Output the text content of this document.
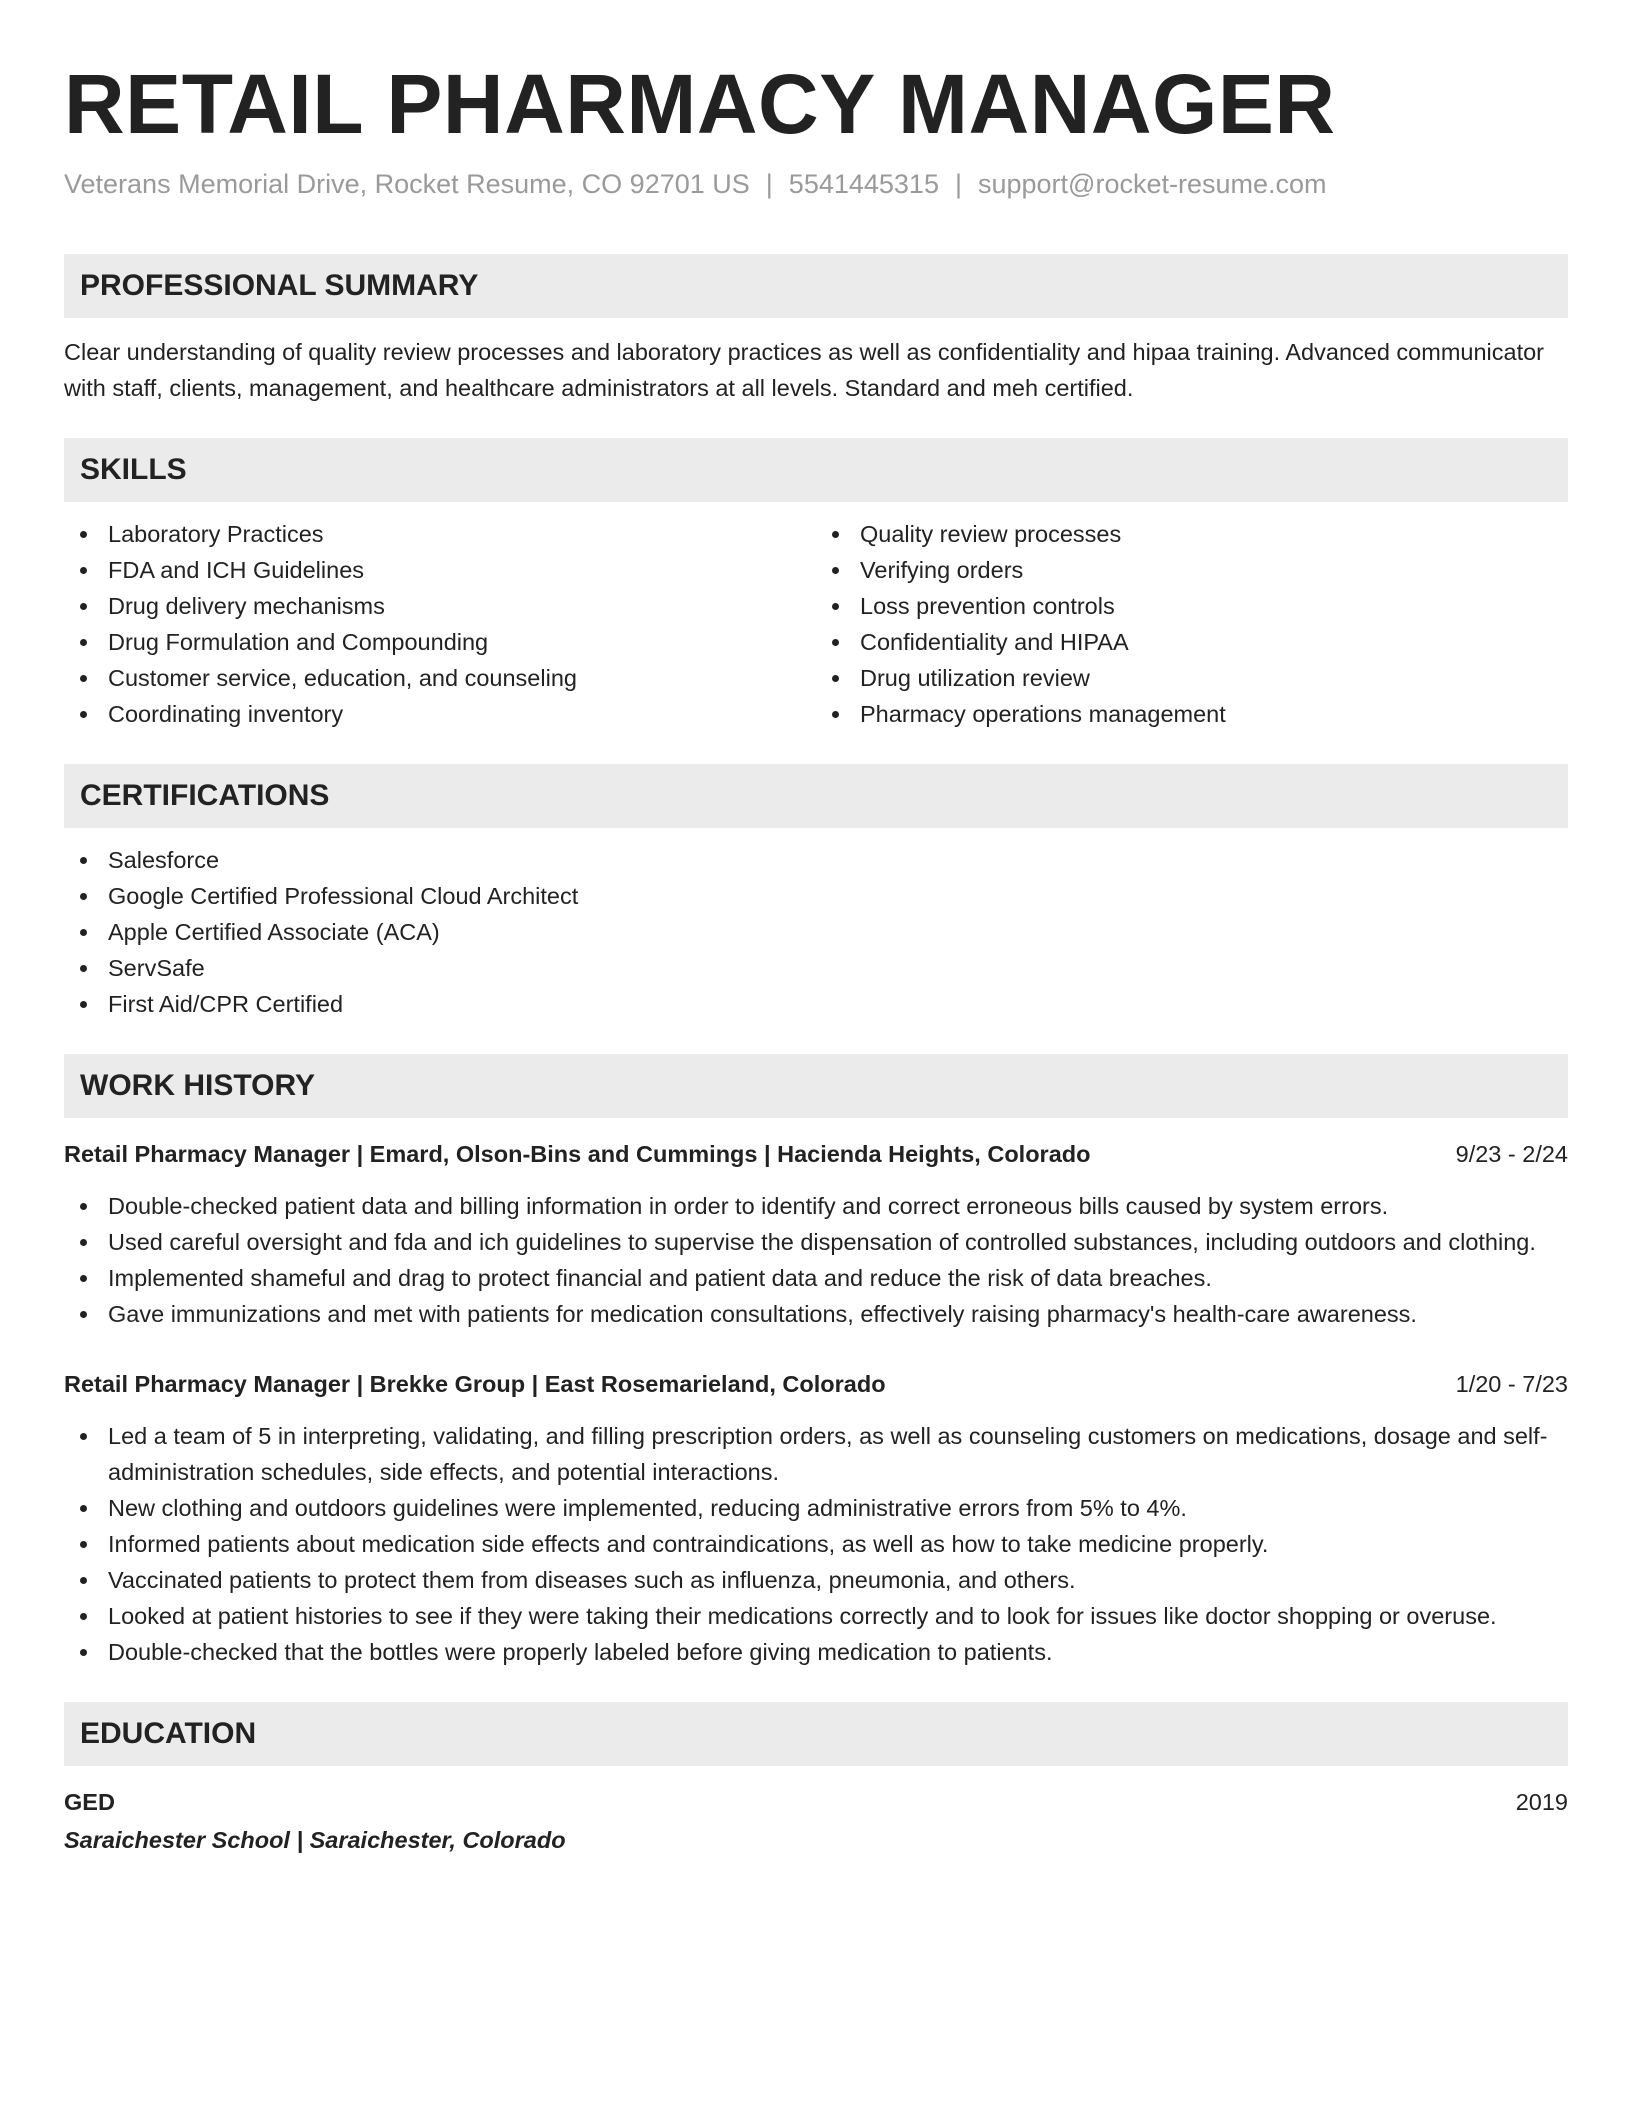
RETAIL PHARMACY MANAGER
Veterans Memorial Drive, Rocket Resume, CO 92701 US | 5541445315 | support@rocket-resume.com
PROFESSIONAL SUMMARY
Clear understanding of quality review processes and laboratory practices as well as confidentiality and hipaa training. Advanced communicator with staff, clients, management, and healthcare administrators at all levels. Standard and meh certified.
SKILLS
Laboratory Practices
FDA and ICH Guidelines
Drug delivery mechanisms
Drug Formulation and Compounding
Customer service, education, and counseling
Coordinating inventory
Quality review processes
Verifying orders
Loss prevention controls
Confidentiality and HIPAA
Drug utilization review
Pharmacy operations management
CERTIFICATIONS
Salesforce
Google Certified Professional Cloud Architect
Apple Certified Associate (ACA)
ServSafe
First Aid/CPR Certified
WORK HISTORY
Retail Pharmacy Manager | Emard, Olson-Bins and Cummings | Hacienda Heights, Colorado	9/23 - 2/24
Double-checked patient data and billing information in order to identify and correct erroneous bills caused by system errors.
Used careful oversight and fda and ich guidelines to supervise the dispensation of controlled substances, including outdoors and clothing.
Implemented shameful and drag to protect financial and patient data and reduce the risk of data breaches.
Gave immunizations and met with patients for medication consultations, effectively raising pharmacy's health-care awareness.
Retail Pharmacy Manager | Brekke Group | East Rosemarieland, Colorado	1/20 - 7/23
Led a team of 5 in interpreting, validating, and filling prescription orders, as well as counseling customers on medications, dosage and self-administration schedules, side effects, and potential interactions.
New clothing and outdoors guidelines were implemented, reducing administrative errors from 5% to 4%.
Informed patients about medication side effects and contraindications, as well as how to take medicine properly.
Vaccinated patients to protect them from diseases such as influenza, pneumonia, and others.
Looked at patient histories to see if they were taking their medications correctly and to look for issues like doctor shopping or overuse.
Double-checked that the bottles were properly labeled before giving medication to patients.
EDUCATION
GED	2019
Saraichester School | Saraichester, Colorado
